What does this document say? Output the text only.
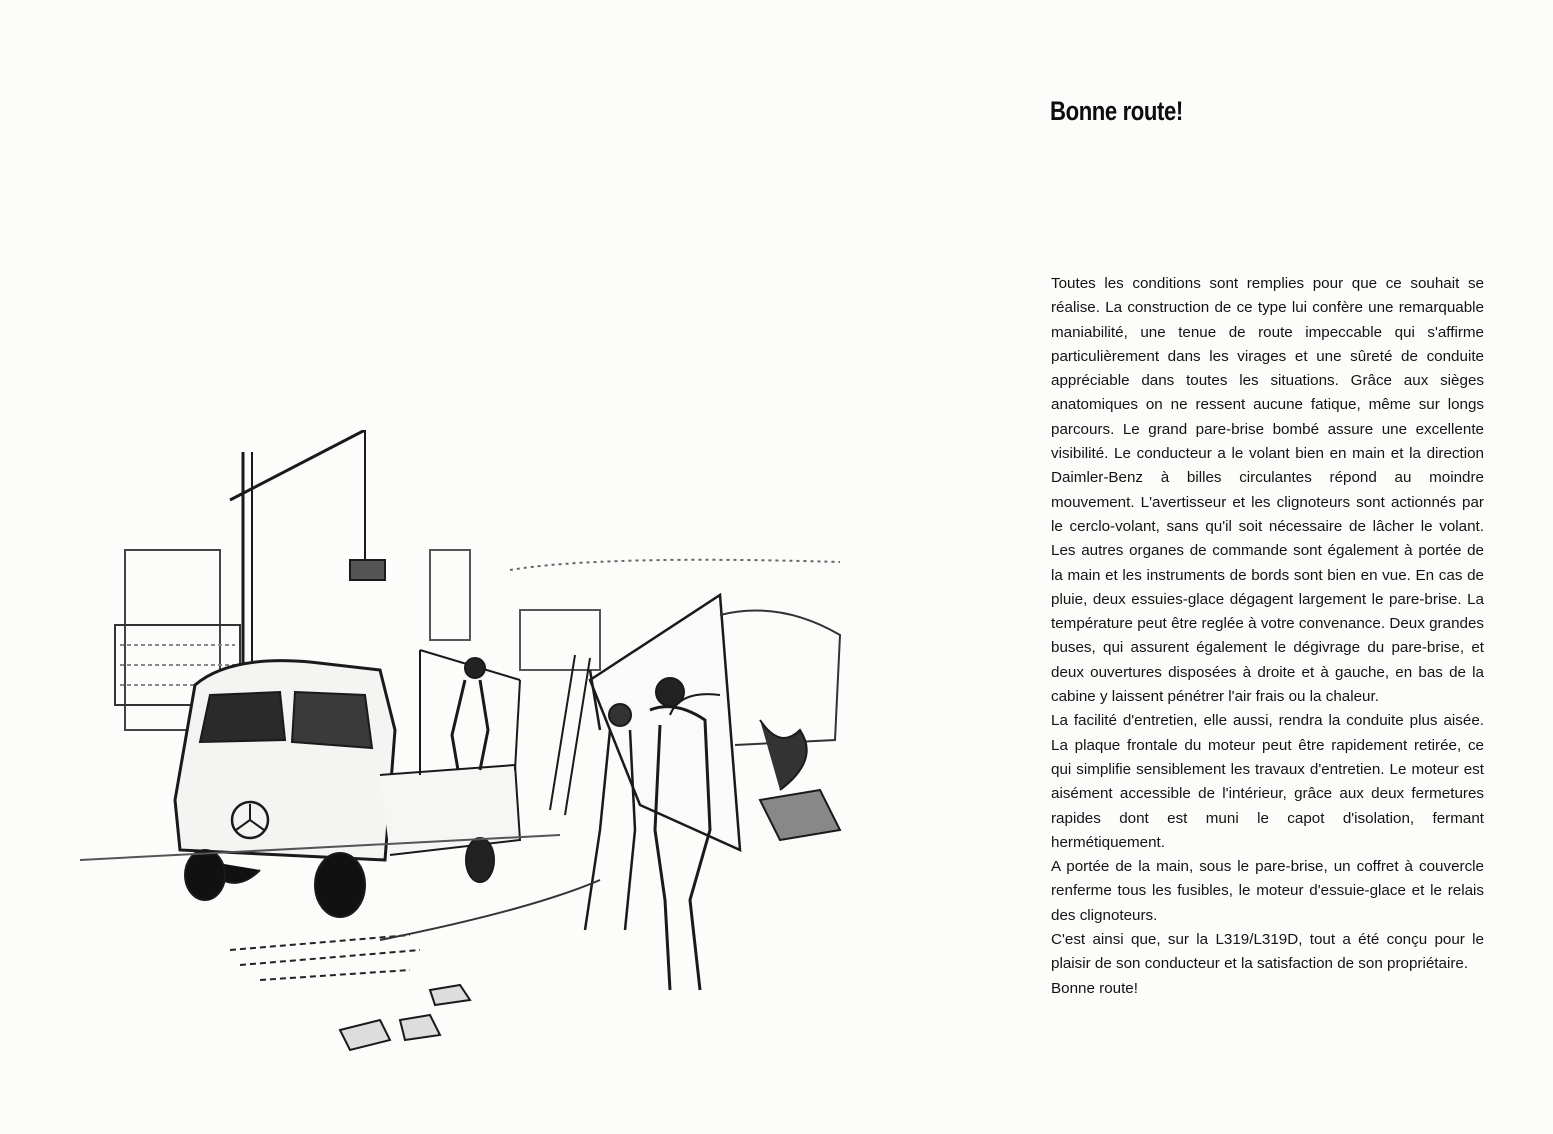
Bonne route!

Toutes les conditions sont remplies pour que ce souhait se réalise. La construction de ce type lui confère une remarquable maniabilité, une tenue de route impeccable qui s'affirme particulièrement dans les virages et une sûreté de conduite appréciable dans toutes les situations. Grâce aux sièges anatomiques on ne ressent aucune fatique, même sur longs parcours. Le grand pare-brise bombé assure une excellente visibilité. Le conducteur a le volant bien en main et la direction Daimler-Benz à billes circulantes répond au moindre mouvement. L'avertisseur et les clignoteurs sont actionnés par le cerclo-volant, sans qu'il soit nécessaire de lâcher le volant. Les autres organes de commande sont également à portée de la main et les instruments de bords sont bien en vue. En cas de pluie, deux essuies-glace dégagent largement le pare-brise. La température peut être reglée à votre convenance. Deux grandes buses, qui assurent également le dégivrage du pare-brise, et deux ouvertures disposées à droite et à gauche, en bas de la cabine y laissent pénétrer l'air frais ou la chaleur.

La facilité d'entretien, elle aussi, rendra la conduite plus aisée. La plaque frontale du moteur peut être rapidement retirée, ce qui simplifie sensiblement les travaux d'entretien. Le moteur est aisément accessible de l'intérieur, grâce aux deux fermetures rapides dont est muni le capot d'isolation, fermant hermétiquement.

A portée de la main, sous le pare-brise, un coffret à couvercle renferme tous les fusibles, le moteur d'essuie-glace et le relais des clignoteurs.

C'est ainsi que, sur la L319/L319D, tout a été conçu pour le plaisir de son conducteur et la satisfaction de son propriétaire.

Bonne route!
